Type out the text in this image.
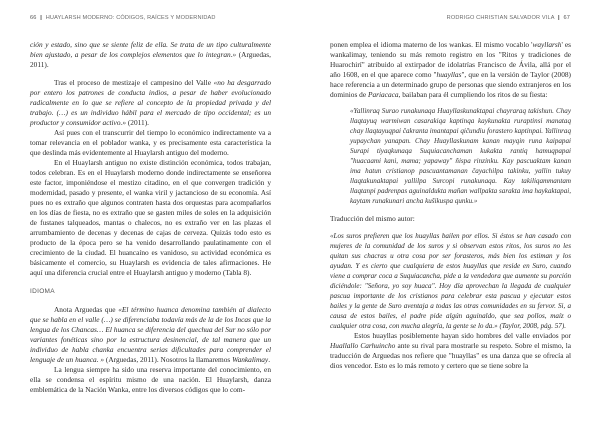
66 | HUAYLARSH MODERNO: CÓDIGOS, RAÍCES Y MODERNIDAD

ción y estado, sino que se siente feliz de ella. Se trata de un tipo culturalmente bien ajustado, a pesar de los complejos elementos que lo integran.» (Arguedas, 2011).

Tras el proceso de mestizaje el campesino del Valle «no ha desgarrado por entero los patrones de conducta indios, a pesar de haber evolucionado radicalmente en lo que se refiere al concepto de la propiedad privada y del trabajo. (…) es un individuo hábil para el mercado de tipo occidental; es un productor y consumidor activo.» (2011).

Así pues con el transcurrir del tiempo lo económico indirectamente va a tomar relevancia en el poblador wanka, y es precisamente esta característica la que deslinda más evidentemente al Huaylarsh antiguo del moderno.

En el Huaylarsh antiguo no existe distinción económica, todos trabajan, todos celebran. Es en el Huaylarsh moderno donde indirectamente se enseñorea este factor, imponiéndose el mestizo citadino, en el que convergen tradición y modernidad, pasado y presente, el wanka viril y jactancioso de su economía. Así pues no es extraño que algunos contraten hasta dos orquestas para acompañarlos en los días de fiesta, no es extraño que se gasten miles de soles en la adquisición de fustanes talqueados, mantas o chalecos, no es extraño ver en las plazas el arrumbamiento de decenas y decenas de cajas de cerveza. Quizás todo esto es producto de la época pero se ha venido desarrollando paulatinamente con el crecimiento de la ciudad. El huancaíno es vanidoso, su actividad económica es básicamente el comercio, su Huaylarsh es evidencia de tales afirmaciones. He aquí una diferencia crucial entre el Huaylarsh antiguo y moderno (Tabla 8).

IDIOMA

Anota Arguedas que «El término huanca denomina también al dialecto que se habla en el valle (…) se diferenciaba todavía más de la de los Incas que la lengua de los Chancas… El huanca se diferencia del quechua del Sur no sólo por variantes fonéticas sino por la estructura desinencial, de tal manera que un individuo de habla chanka encuentra serias dificultades para comprender el lenguaje de un huanca. » (Arguedas, 2011). Nosotros la llamaremos Wankalimay.

La lengua siempre ha sido una reserva importante del conocimiento, en ella se condensa el espíritu mismo de una nación. El Huaylarsh, danza emblemática de la Nación Wanka, entre los diversos códigos que lo com-

RODRIGO CHRISTIAN SALVADOR VILA | 67

ponen emplea el idioma materno de los wankas. El mismo vocablo 'wayllarsh' es wankalimay, teniendo su más remoto registro en los "Ritos y tradiciones de Huarochirí" atribuido al extirpador de idolatrías Francisco de Ávila, allá por el año 1608, en el que aparece como "huayllas", que en la versión de Taylor (2008) hace referencia a un determinado grupo de personas que siendo extranjeros en los dominios de Pariacaca, bailaban para él cumpliendo los ritos de su fiesta:

«Yallinraq Surao runakunaqa Huayllaskunaktapai chayraraq takishun. Chay llaqtayuq warmiwan casarakiqa kaptinqa kaykunakta ruraptinsi manataq chay llaqtayuqpai čakranta imantapai qičundiu forastero kaptinpai. Yallinraq yupaychan yanapan. Chay Huayllaskunam kanan mayqin runa kaipapai Surapi tiyaqkunaqa Suquiacanchaman kukakta rantiq hamuqpapai "huacaami kani, mama; yapaway" ñispa rinzinku. Kay pascuaktam kanan ima hatun cristianop pascuantamanan čayachilpa takinku, yallin tukuy llaqtakunaktapai yallilpa Surcopi runakunaqa. Kay takiliqammantam llaqtanpi padrenpas aguinaldukta mañan wallpakta sarakta ima haykaktapai, kaytam runakunari ancha kušikuspa qunku.»

Traducción del mismo autor:

«Los suros prefieren que los huayllas bailen por ellos. Si éstos se han casado con mujeres de la comunidad de los suros y si observan estos ritos, los suros no les quitan sus chacras u otra cosa por ser forasteros, más bien los estiman y los ayudan. Y es cierto que cualquiera de estos huayllas que reside en Suro, cuando viene a comprar coca a Suquiacancha, pide a la vendedora que aumente su porción diciéndole: "Señora, yo soy huaca". Hoy día aprovechan la llegada de cualquier pascua importante de los cristianos para celebrar esta pascua y ejecutar estos bailes y la gente de Suro aventaja a todas las otras comunidades en su fervor. Si, a causa de estos bailes, el padre pide algún aguinaldo, que sea pollos, maíz o cualquier otra cosa, con mucha alegría, la gente se lo da.» (Taylor, 2008, pág. 57).

Estos huayllas posiblemente hayan sido hombres del valle enviados por Huallallo Carhuincho ante su rival para mostrarle su respeto. Sobre el mismo, la traducción de Arguedas nos refiere que "huayllas" es una danza que se ofrecía al dios vencedor. Esto es lo más remoto y certero que se tiene sobre la
